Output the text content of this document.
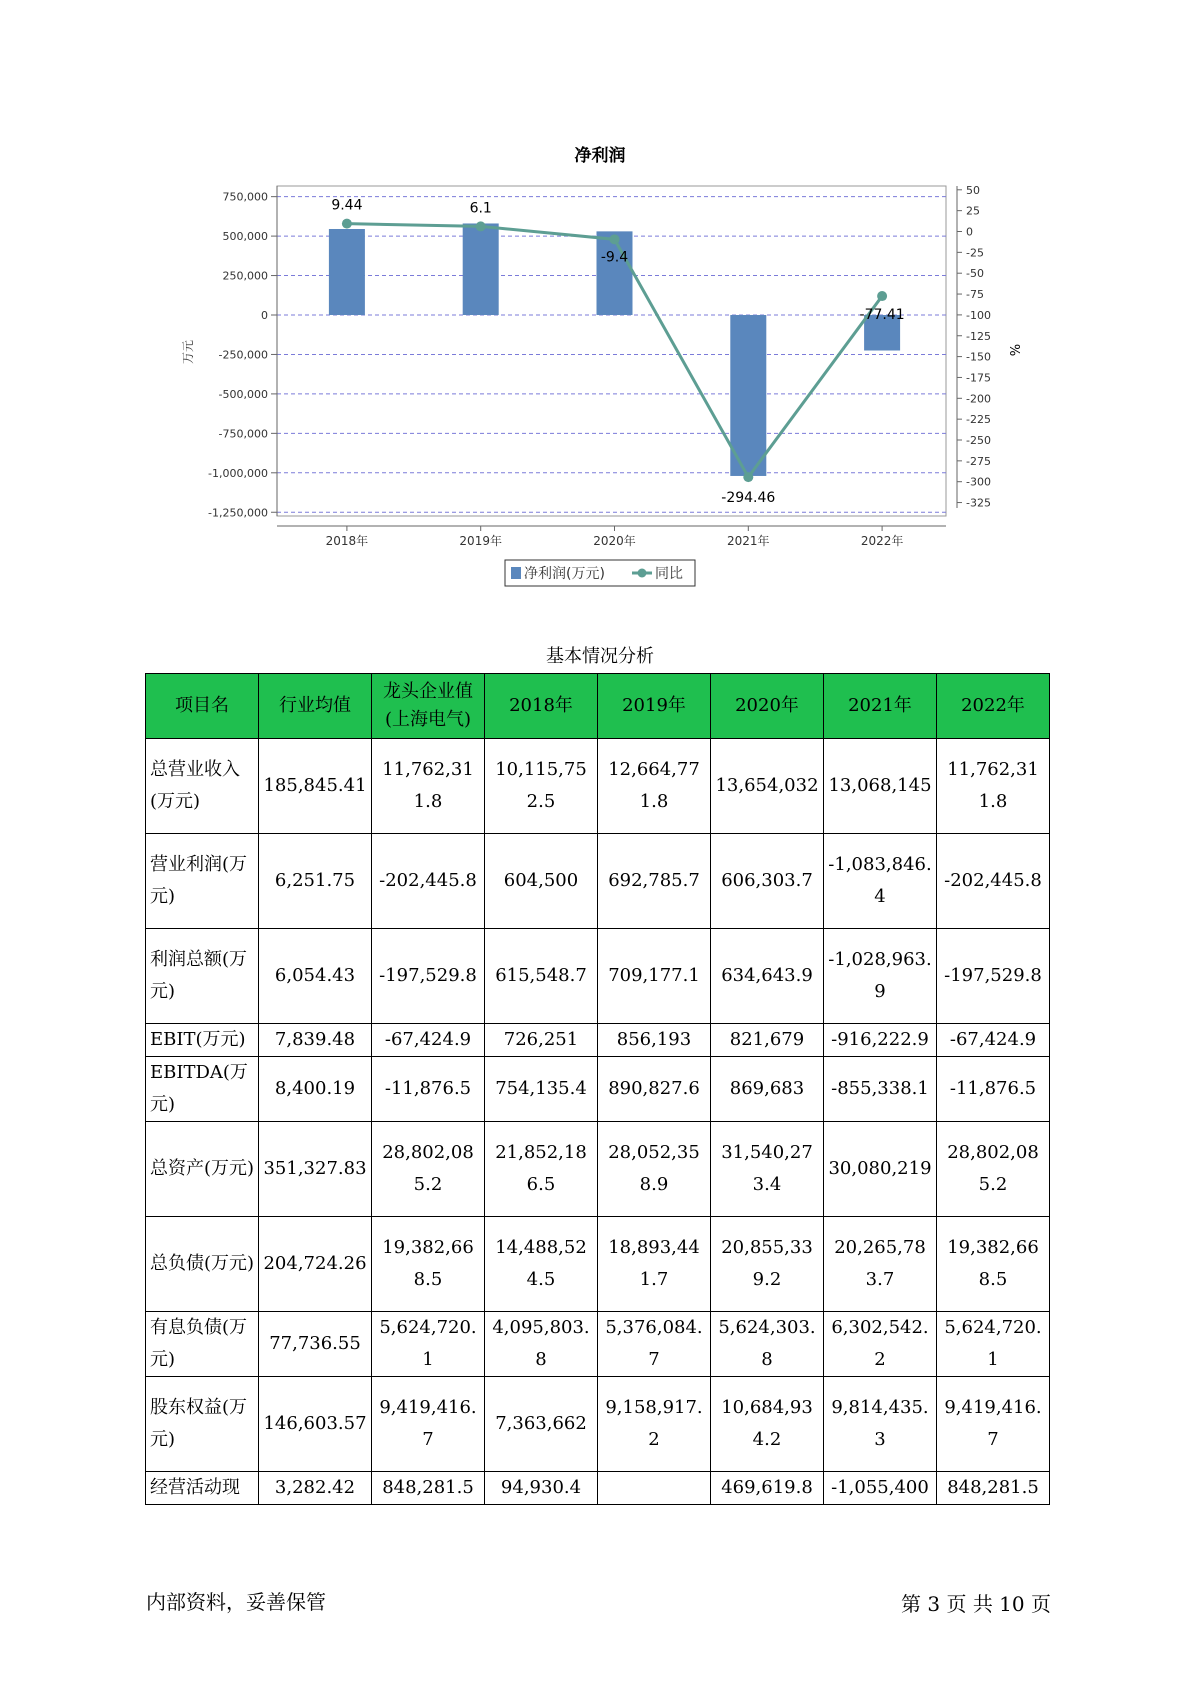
净利润
750,000
500,000
250,000
0
-250,000
-500,000
-750,000
-1,000,000
-1,250,000
50
25
0
-25
-50
-75
-100
-125
-150
-175
-200
-225
-250
-275
-300
-325
9.44	6.1
-9.4
-294.46
-77.41
2018年	2019年	2020年	2021年	2022年
万元	%
净利润(万元)	同比
基本情况分析
项目名	行业均值	龙头企业值(上海电气)	2018年	2019年	2020年	2021年	2022年
总营业收入(万元)	185,845.41	11,762,311.8	10,115,752.5	12,664,771.8	13,654,032	13,068,145	11,762,311.8
营业利润(万元)	6,251.75	-202,445.8	604,500	692,785.7	606,303.7	-1,083,846.4	-202,445.8
利润总额(万元)	6,054.43	-197,529.8	615,548.7	709,177.1	634,643.9	-1,028,963.9	-197,529.8
EBIT(万元)	7,839.48	-67,424.9	726,251	856,193	821,679	-916,222.9	-67,424.9
EBITDA(万元)	8,400.19	-11,876.5	754,135.4	890,827.6	869,683	-855,338.1	-11,876.5
总资产(万元)	351,327.83	28,802,085.2	21,852,186.5	28,052,358.9	31,540,273.4	30,080,219	28,802,085.2
总负债(万元)	204,724.26	19,382,668.5	14,488,524.5	18,893,441.7	20,855,339.2	20,265,783.7	19,382,668.5
有息负债(万元)	77,736.55	5,624,720.1	4,095,803.8	5,376,084.7	5,624,303.8	6,302,542.2	5,624,720.1
股东权益(万元)	146,603.57	9,419,416.7	7,363,662	9,158,917.2	10,684,934.2	9,814,435.3	9,419,416.7
经营活动现	3,282.42	848,281.5	94,930.4		469,619.8	-1,055,400	848,281.5
内部资料，妥善保管	第 3 页 共 10 页
